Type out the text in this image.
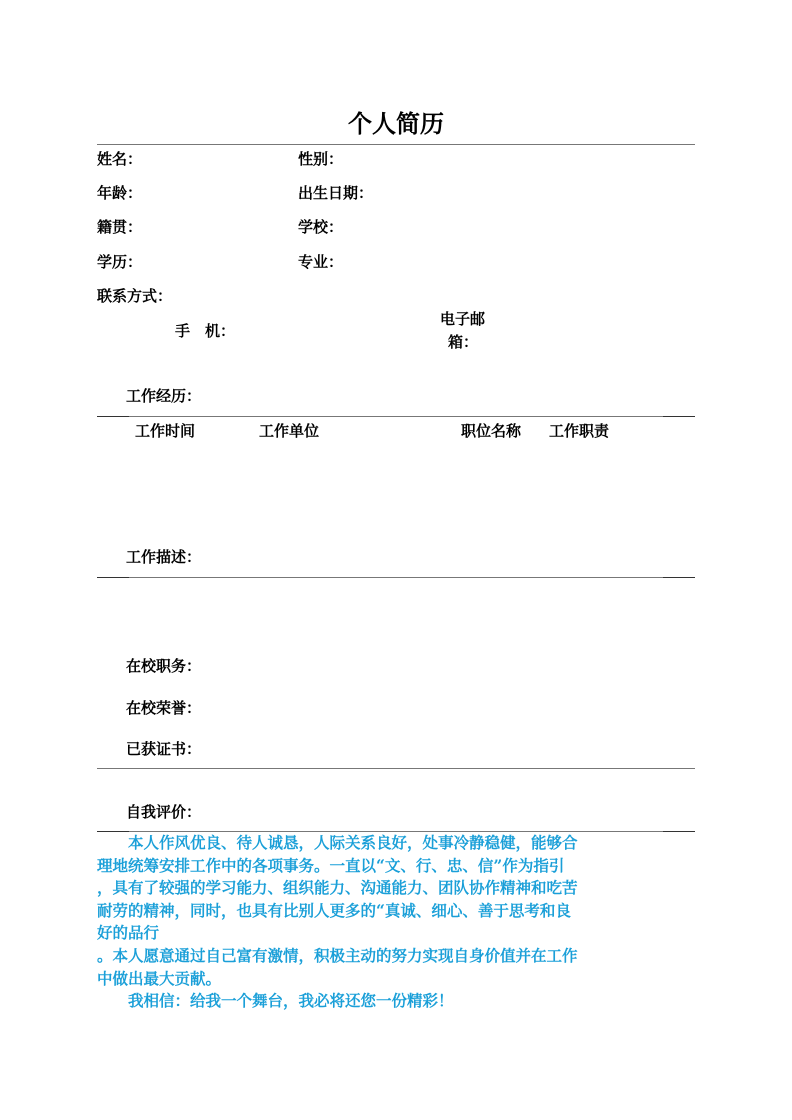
个人简历
姓名：	性别：
年龄：	出生日期：
籍贯：	学校：
学历：	专业：
联系方式：
手　机：
电子邮
箱：
工作经历：
工作时间	工作单位	职位名称 工作职责
工作描述：
在校职务：
在校荣誉：
已获证书：
自我评价：
　　本人作风优良、待人诚恳，人际关系良好，处事冷静稳健，能够合
理地统筹安排工作中的各项事务。一直以“文、行、忠、信”作为指引
，具有了较强的学习能力、组织能力、沟通能力、团队协作精神和吃苦
耐劳的精神，同时，也具有比别人更多的“真诚、细心、善于思考和良
好的品行
。本人愿意通过自己富有激情，积极主动的努力实现自身价值并在工作
中做出最大贡献。
　　我相信：给我一个舞台，我必将还您一份精彩！
